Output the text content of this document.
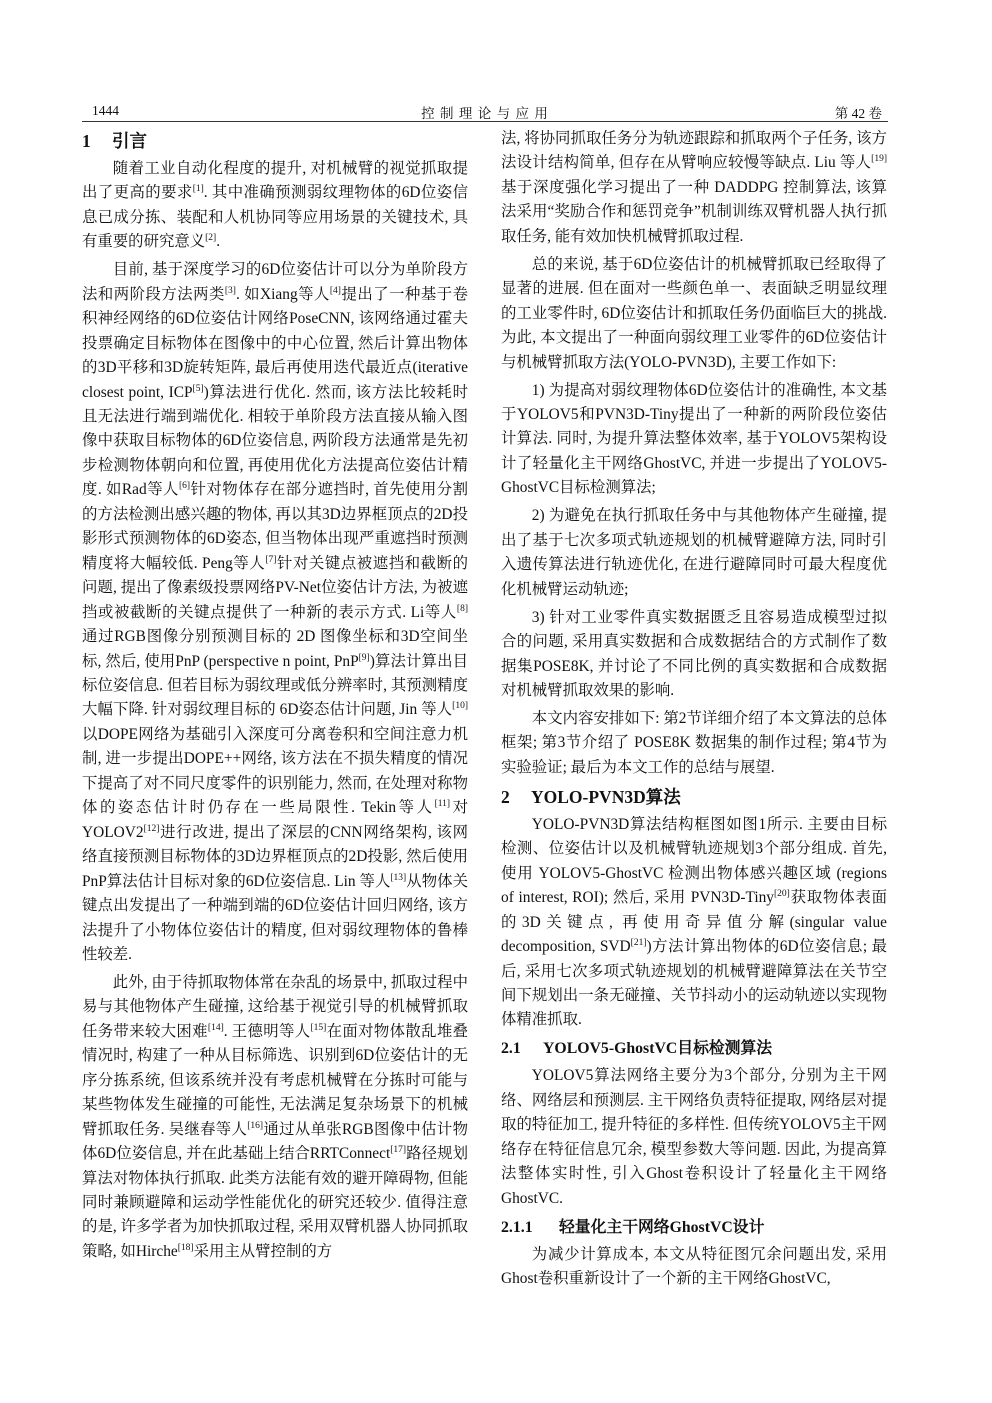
1444	控 制 理 论 与 应 用	第 42 卷
1 引言

随着工业自动化程度的提升, 对机械臂的视觉抓取提出了更高的要求[1]. 其中准确预测弱纹理物体的6D位姿信息已成分拣、装配和人机协同等应用场景的关键技术, 具有重要的研究意义[2].

目前, 基于深度学习的6D位姿估计可以分为单阶段方法和两阶段方法两类[3]. 如Xiang等人[4]提出了一种基于卷积神经网络的6D位姿估计网络PoseCNN, 该网络通过霍夫投票确定目标物体在图像中的中心位置, 然后计算出物体的3D平移和3D旋转矩阵, 最后再使用迭代最近点(iterative closest point, ICP[5])算法进行优化. 然而, 该方法比较耗时且无法进行端到端优化. 相较于单阶段方法直接从输入图像中获取目标物体的6D位姿信息, 两阶段方法通常是先初步检测物体朝向和位置, 再使用优化方法提高位姿估计精度. 如Rad等人[6]针对物体存在部分遮挡时, 首先使用分割的方法检测出感兴趣的物体, 再以其3D边界框顶点的2D投影形式预测物体的6D姿态, 但当物体出现严重遮挡时预测精度将大幅较低. Peng等人[7]针对关键点被遮挡和截断的问题, 提出了像素级投票网络PV-Net位姿估计方法, 为被遮挡或被截断的关键点提供了一种新的表示方式. Li等人[8]通过RGB图像分别预测目标的 2D 图像坐标和3D空间坐标, 然后, 使用PnP (perspective n point, PnP[9])算法计算出目标位姿信息. 但若目标为弱纹理或低分辨率时, 其预测精度大幅下降. 针对弱纹理目标的 6D姿态估计问题, Jin 等人[10]以DOPE网络为基础引入深度可分离卷积和空间注意力机制, 进一步提出DOPE++网络, 该方法在不损失精度的情况下提高了对不同尺度零件的识别能力, 然而, 在处理对称物体的姿态估计时仍存在一些局限性. Tekin等人[11]对YOLOV2[12]进行改进, 提出了深层的CNN网络架构, 该网络直接预测目标物体的3D边界框顶点的2D投影, 然后使用PnP算法估计目标对象的6D位姿信息. Lin 等人[13]从物体关键点出发提出了一种端到端的6D位姿估计回归网络, 该方法提升了小物体位姿估计的精度, 但对弱纹理物体的鲁棒性较差.

此外, 由于待抓取物体常在杂乱的场景中, 抓取过程中易与其他物体产生碰撞, 这给基于视觉引导的机械臂抓取任务带来较大困难[14]. 王德明等人[15]在面对物体散乱堆叠情况时, 构建了一种从目标筛选、识别到6D位姿估计的无序分拣系统, 但该系统并没有考虑机械臂在分拣时可能与某些物体发生碰撞的可能性, 无法满足复杂场景下的机械臂抓取任务. 吴继春等人[16]通过从单张RGB图像中估计物体6D位姿信息, 并在此基础上结合RRTConnect[17]路径规划算法对物体执行抓取. 此类方法能有效的避开障碍物, 但能同时兼顾避障和运动学性能优化的研究还较少. 值得注意的是, 许多学者为加快抓取过程, 采用双臂机器人协同抓取策略, 如Hirche[18]采用主从臂控制的方

法, 将协同抓取任务分为轨迹跟踪和抓取两个子任务, 该方法设计结构简单, 但存在从臂响应较慢等缺点. Liu 等人[19]基于深度强化学习提出了一种 DADDPG 控制算法, 该算法采用“奖励合作和惩罚竞争”机制训练双臂机器人执行抓取任务, 能有效加快机械臂抓取过程.

总的来说, 基于6D位姿估计的机械臂抓取已经取得了显著的进展. 但在面对一些颜色单一、表面缺乏明显纹理的工业零件时, 6D位姿估计和抓取任务仍面临巨大的挑战. 为此, 本文提出了一种面向弱纹理工业零件的6D位姿估计与机械臂抓取方法(YOLO-PVN3D), 主要工作如下:

1) 为提高对弱纹理物体6D位姿估计的准确性, 本文基于YOLOV5和PVN3D-Tiny提出了一种新的两阶段位姿估计算法. 同时, 为提升算法整体效率, 基于YOLOV5架构设计了轻量化主干网络GhostVC, 并进一步提出了YOLOV5-GhostVC目标检测算法;

2) 为避免在执行抓取任务中与其他物体产生碰撞, 提出了基于七次多项式轨迹规划的机械臂避障方法, 同时引入遗传算法进行轨迹优化, 在进行避障同时可最大程度优化机械臂运动轨迹;

3) 针对工业零件真实数据匮乏且容易造成模型过拟合的问题, 采用真实数据和合成数据结合的方式制作了数据集POSE8K, 并讨论了不同比例的真实数据和合成数据对机械臂抓取效果的影响.

本文内容安排如下: 第2节详细介绍了本文算法的总体框架; 第3节介绍了 POSE8K 数据集的制作过程; 第4节为实验验证; 最后为本文工作的总结与展望.

2 YOLO-PVN3D算法

YOLO-PVN3D算法结构框图如图1所示. 主要由目标检测、位姿估计以及机械臂轨迹规划3个部分组成. 首先, 使用 YOLOV5-GhostVC 检测出物体感兴趣区域 (regions of interest, ROI); 然后, 采用 PVN3D-Tiny[20]获取物体表面的3D关键点, 再使用奇异值分解(singular value decomposition, SVD[21])方法计算出物体的6D位姿信息; 最后, 采用七次多项式轨迹规划的机械臂避障算法在关节空间下规划出一条无碰撞、关节抖动小的运动轨迹以实现物体精准抓取.

2.1 YOLOV5-GhostVC目标检测算法

YOLOV5算法网络主要分为3个部分, 分别为主干网络、网络层和预测层. 主干网络负责特征提取, 网络层对提取的特征加工, 提升特征的多样性. 但传统YOLOV5主干网络存在特征信息冗余, 模型参数大等问题. 因此, 为提高算法整体实时性, 引入Ghost卷积设计了轻量化主干网络GhostVC.

2.1.1 轻量化主干网络GhostVC设计

为减少计算成本, 本文从特征图冗余问题出发, 采用Ghost卷积重新设计了一个新的主干网络GhostVC,
